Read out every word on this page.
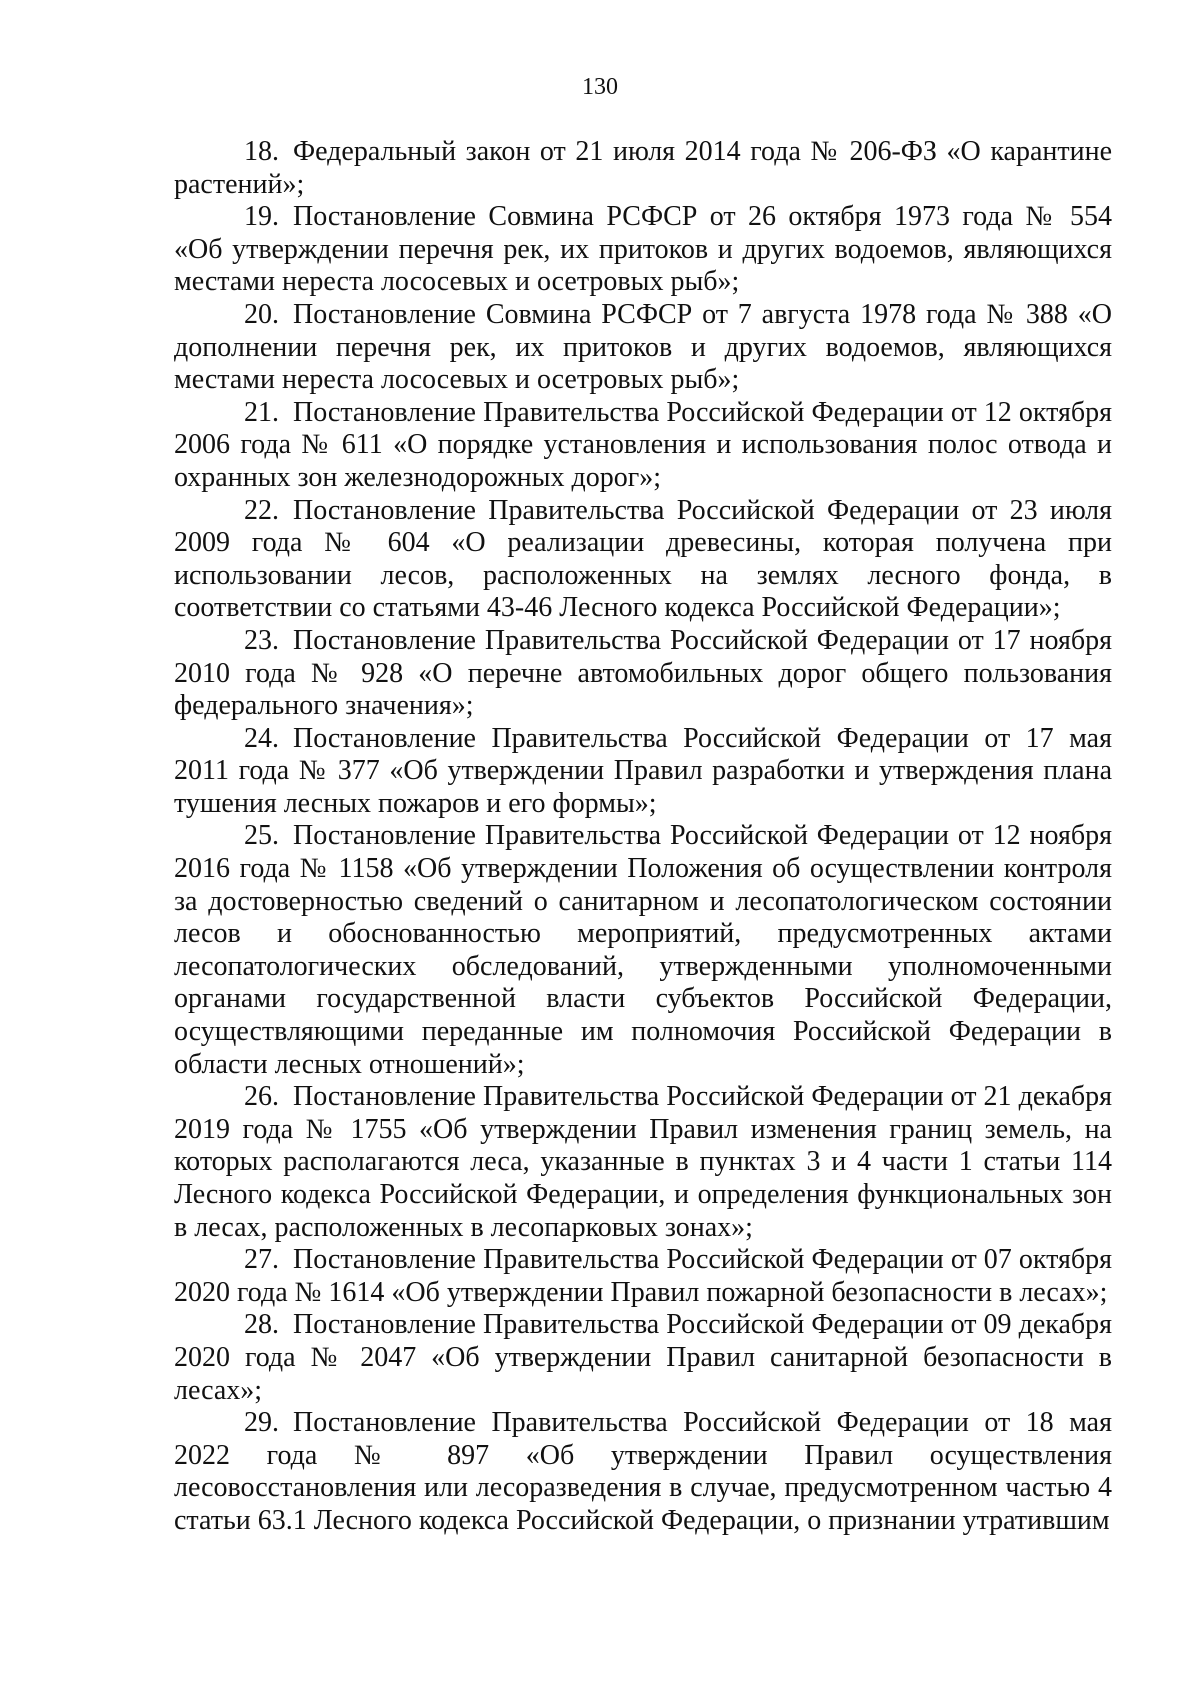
130

18. Федеральный закон от 21 июля 2014 года № 206-ФЗ «О карантине растений»;

19. Постановление Совмина РСФСР от 26 октября 1973 года № 554 «Об утверждении перечня рек, их притоков и других водоемов, являющихся местами нереста лососевых и осетровых рыб»;

20. Постановление Совмина РСФСР от 7 августа 1978 года № 388 «О дополнении перечня рек, их притоков и других водоемов, являющихся местами нереста лососевых и осетровых рыб»;

21. Постановление Правительства Российской Федерации от 12 октября 2006 года № 611 «О порядке установления и использования полос отвода и охранных зон железнодорожных дорог»;

22. Постановление Правительства Российской Федерации от 23 июля 2009 года № 604 «О реализации древесины, которая получена при использовании лесов, расположенных на землях лесного фонда, в соответствии со статьями 43-46 Лесного кодекса Российской Федерации»;

23. Постановление Правительства Российской Федерации от 17 ноября 2010 года № 928 «О перечне автомобильных дорог общего пользования федерального значения»;

24. Постановление Правительства Российской Федерации от 17 мая 2011 года № 377 «Об утверждении Правил разработки и утверждения плана тушения лесных пожаров и его формы»;

25. Постановление Правительства Российской Федерации от 12 ноября 2016 года № 1158 «Об утверждении Положения об осуществлении контроля за достоверностью сведений о санитарном и лесопатологическом состоянии лесов и обоснованностью мероприятий, предусмотренных актами лесопатологических обследований, утвержденными уполномоченными органами государственной власти субъектов Российской Федерации, осуществляющими переданные им полномочия Российской Федерации в области лесных отношений»;

26. Постановление Правительства Российской Федерации от 21 декабря 2019 года № 1755 «Об утверждении Правил изменения границ земель, на которых располагаются леса, указанные в пунктах 3 и 4 части 1 статьи 114 Лесного кодекса Российской Федерации, и определения функциональных зон в лесах, расположенных в лесопарковых зонах»;

27. Постановление Правительства Российской Федерации от 07 октября 2020 года № 1614 «Об утверждении Правил пожарной безопасности в лесах»;

28. Постановление Правительства Российской Федерации от 09 декабря 2020 года № 2047 «Об утверждении Правил санитарной безопасности в лесах»;

29. Постановление Правительства Российской Федерации от 18 мая 2022 года № 897 «Об утверждении Правил осуществления лесовосстановления или лесоразведения в случае, предусмотренном частью 4 статьи 63.1 Лесного кодекса Российской Федерации, о признании утратившим
